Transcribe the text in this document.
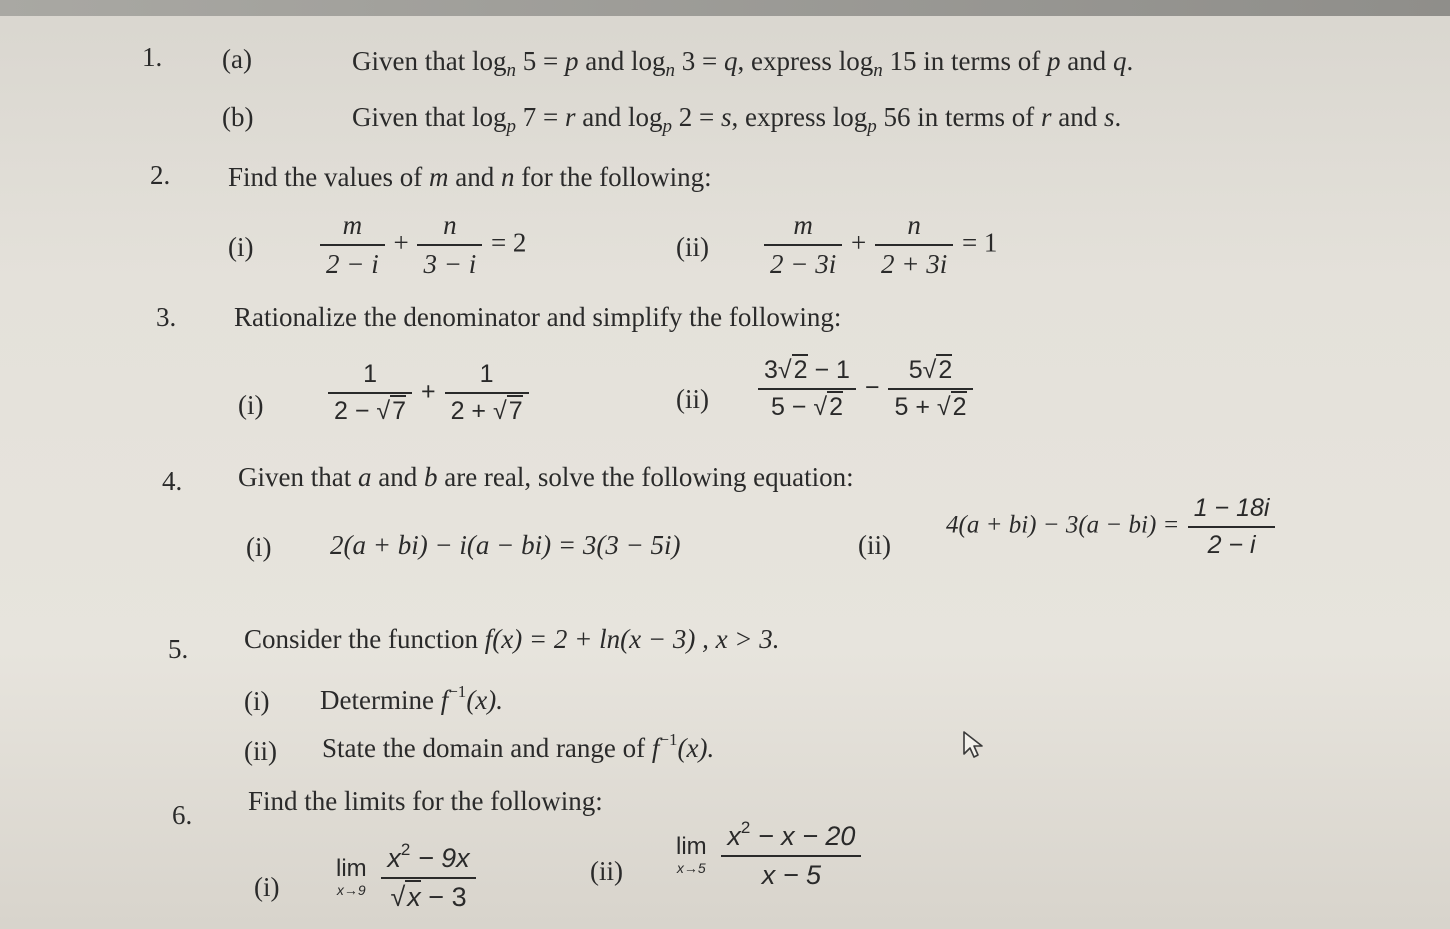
1. (a)	Given that $\log_n 5 = p$ and $\log_n 3 = q$, express $\log_n 15$ in terms of p and q.
(b)	Given that $\log_p 7 = r$ and $\log_p 2 = s$, express $\log_p 56$ in terms of r and s.
2. Find the values of m and n for the following:
$(i) \frac{m}{2 - i} + \frac{n}{3 - i} = 2$	$(ii) \frac{m}{2 - 3i} + \frac{n}{2 + 3i} = 1$
3. Rationalize the denominator and simplify the following:
(i)	$\frac{1}{2 - √7} + \frac{1}{2 + √7}$	$(ii) \frac{3√2 - 1}{5 - √2} - \frac{5√2}{5 + √2}$
4. Given that a and b are real, solve the following equation:
(i) 2(a + bi) − i(a − bi) = 3(3 − 5i)	(ii)
$4(a + bi) - 3(a - bi) = \frac{1 - 18i}{2 - i}$
5. Consider the function f(x) = 2 + ln(x − 3) , x > 3.
(i) Determine $f^{-1}(x)$.
(ii) State the domain and range of $f^{-1}(x)$.
6. Find the limits for the following:
(i)
lim
x→9
$\frac{x^2 - 9x}{√x - 3}$	(ii)
lim
x→5
$\frac{x^2 - x - 20}{x - 5}$
